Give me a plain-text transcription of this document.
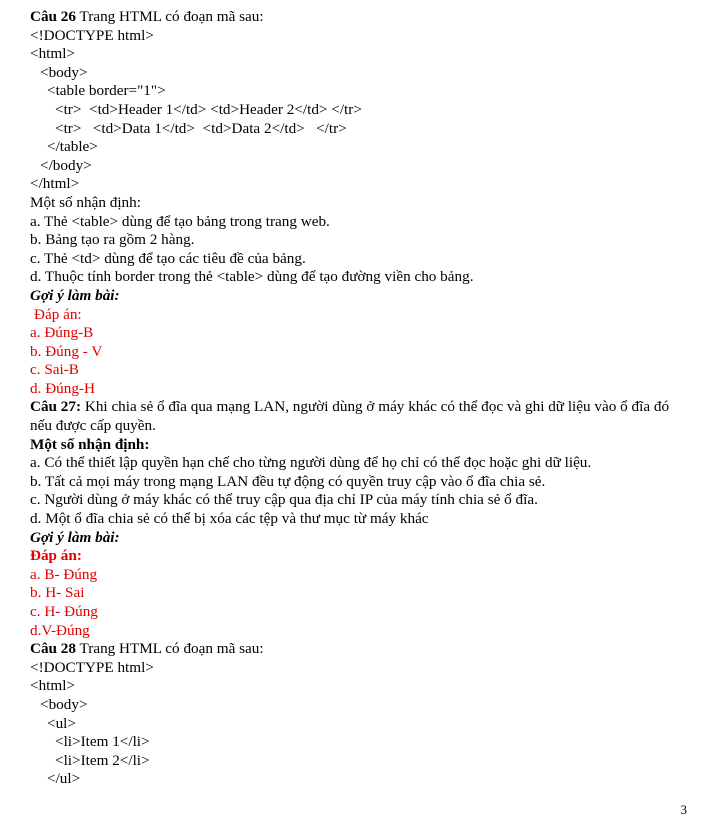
Câu 26 Trang HTML có đoạn mã sau:
<!DOCTYPE html>
<html>
<body>
<table border="1">
<tr>  <td>Header 1</td> <td>Header 2</td> </tr>
<tr>   <td>Data 1</td>  <td>Data 2</td>   </tr>
</table>
</body>
</html>
Một số nhận định:
a. Thẻ <table> dùng để tạo bảng trong trang web.
b. Bảng tạo ra gồm 2 hàng.
c. Thẻ <td> dùng để tạo các tiêu đề của bảng.
d. Thuộc tính border trong thẻ <table> dùng để tạo đường viền cho bảng.
Gợi ý làm bài:
Đáp án:
a. Đúng-B
b. Đúng - V
c. Sai-B
d. Đúng-H
Câu 27: Khi chia sẻ ổ đĩa qua mạng LAN, người dùng ở máy khác có thể đọc và ghi dữ liệu vào ổ đĩa đó nếu được cấp quyền.
Một số nhận định:
a. Có thể thiết lập quyền hạn chế cho từng người dùng để họ chỉ có thể đọc hoặc ghi dữ liệu.
b. Tất cả mọi máy trong mạng LAN đều tự động có quyền truy cập vào ổ đĩa chia sẻ.
c. Người dùng ở máy khác có thể truy cập qua địa chỉ IP của máy tính chia sẻ ổ đĩa.
d. Một ổ đĩa chia sẻ có thể bị xóa các tệp và thư mục từ máy khác
Gợi ý làm bài:
Đáp án:
a. B- Đúng
b. H- Sai
c. H- Đúng
d.V-Đúng
Câu 28 Trang HTML có đoạn mã sau:
<!DOCTYPE html>
<html>
<body>
<ul>
<li>Item 1</li>
<li>Item 2</li>
</ul>
3
